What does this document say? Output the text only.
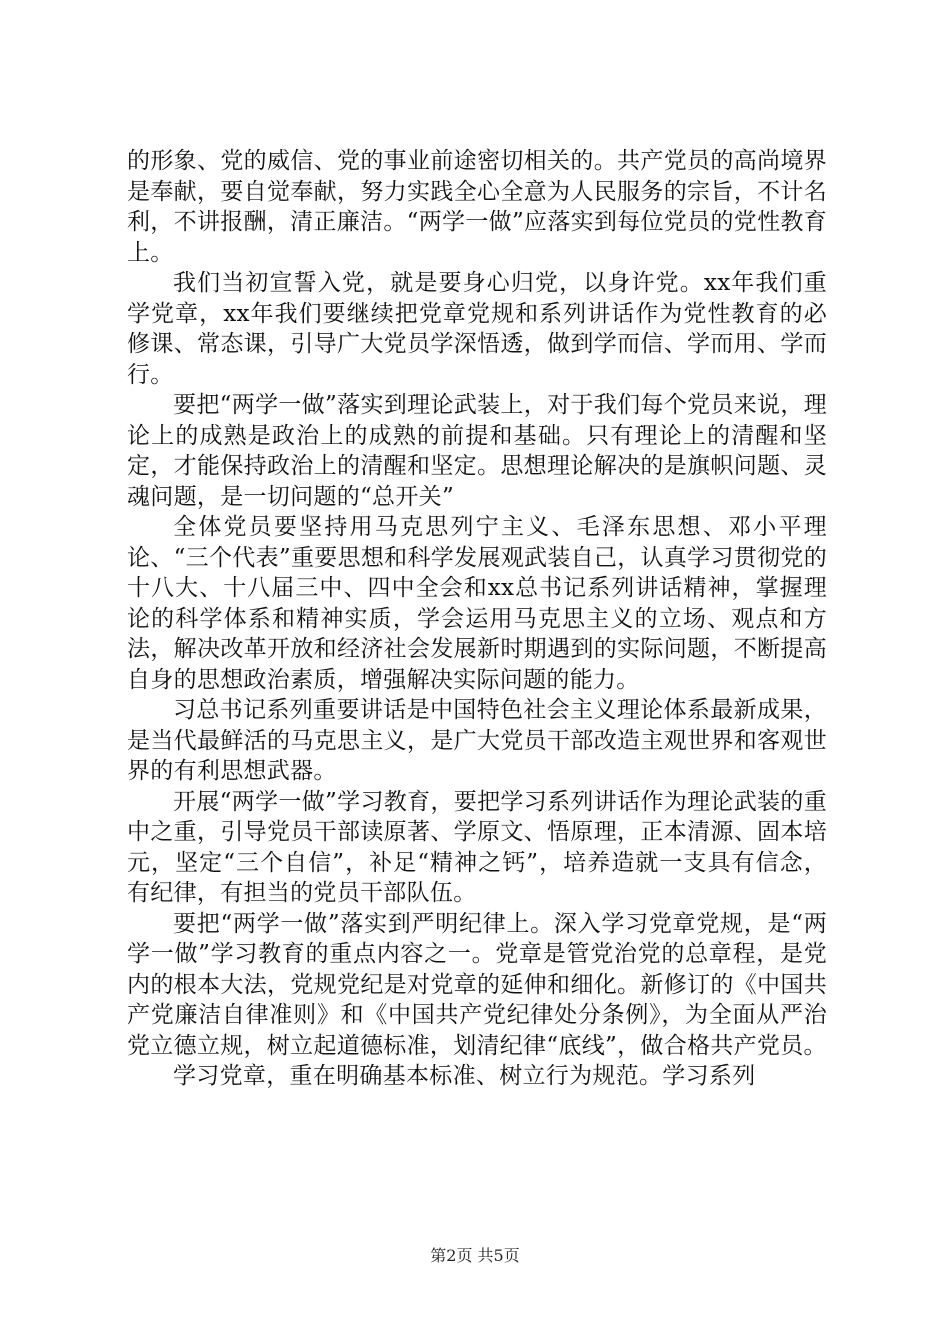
的形象、党的威信、党的事业前途密切相关的。共产党员的高尚境界是奉献，要自觉奉献，努力实践全心全意为人民服务的宗旨，不计名利，不讲报酬，清正廉洁。“两学一做”应落实到每位党员的党性教育上。

我们当初宣誓入党，就是要身心归党，以身许党。xx年我们重学党章，xx年我们要继续把党章党规和系列讲话作为党性教育的必修课、常态课，引导广大党员学深悟透，做到学而信、学而用、学而行。

要把“两学一做”落实到理论武装上，对于我们每个党员来说，理论上的成熟是政治上的成熟的前提和基础。只有理论上的清醒和坚定，才能保持政治上的清醒和坚定。思想理论解决的是旗帜问题、灵魂问题，是一切问题的“总开关”

全体党员要坚持用马克思列宁主义、毛泽东思想、邓小平理论、“三个代表”重要思想和科学发展观武装自己，认真学习贯彻党的十八大、十八届三中、四中全会和xx总书记系列讲话精神，掌握理论的科学体系和精神实质，学会运用马克思主义的立场、观点和方法，解决改革开放和经济社会发展新时期遇到的实际问题，不断提高自身的思想政治素质，增强解决实际问题的能力。

习总书记系列重要讲话是中国特色社会主义理论体系最新成果，是当代最鲜活的马克思主义，是广大党员干部改造主观世界和客观世界的有利思想武器。

开展“两学一做”学习教育，要把学习系列讲话作为理论武装的重中之重，引导党员干部读原著、学原文、悟原理，正本清源、固本培元，坚定“三个自信”，补足“精神之钙”，培养造就一支具有信念，有纪律，有担当的党员干部队伍。

要把“两学一做”落实到严明纪律上。深入学习党章党规，是“两学一做”学习教育的重点内容之一。党章是管党治党的总章程，是党内的根本大法，党规党纪是对党章的延伸和细化。新修订的《中国共产党廉洁自律准则》和《中国共产党纪律处分条例》，为全面从严治党立德立规，树立起道德标准，划清纪律“底线”，做合格共产党员。

学习党章，重在明确基本标准、树立行为规范。学习系列

第2页 共5页
